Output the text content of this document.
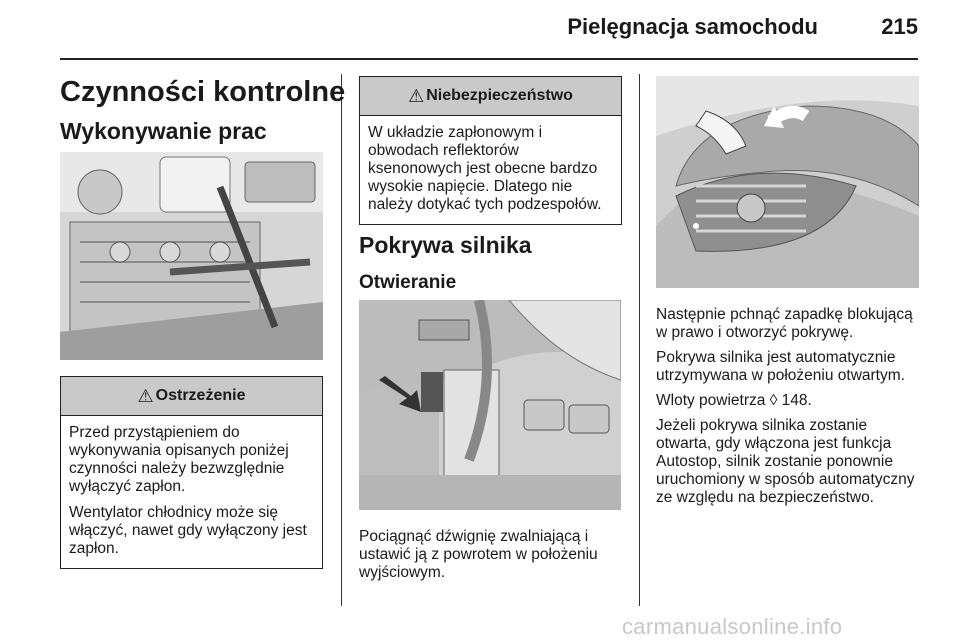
Pielęgnacja samochodu	215
Czynności kontrolne
Wykonywanie prac
⚠ Ostrzeżenie

Przed przystąpieniem do wykonywania opisanych poniżej czynności należy bezwzględnie wyłączyć zapłon.

Wentylator chłodnicy może się włączyć, nawet gdy wyłączony jest zapłon.

⚠ Niebezpieczeństwo

W układzie zapłonowym i obwodach reflektorów ksenonowych jest obecne bardzo wysokie napięcie. Dlatego nie należy dotykać tych podzespołów.

Pokrywa silnika
Otwieranie
Pociągnąć dźwignię zwalniającą i ustawić ją z powrotem w położeniu wyjściowym.

Następnie pchnąć zapadkę blokującą w prawo i otworzyć pokrywę.

Pokrywa silnika jest automatycznie utrzymywana w położeniu otwartym.

Wloty powietrza ◊ 148.

Jeżeli pokrywa silnika zostanie otwarta, gdy włączona jest funkcja Autostop, silnik zostanie ponownie uruchomiony w sposób automatyczny ze względu na bezpieczeństwo.

carmanualsonline.info
